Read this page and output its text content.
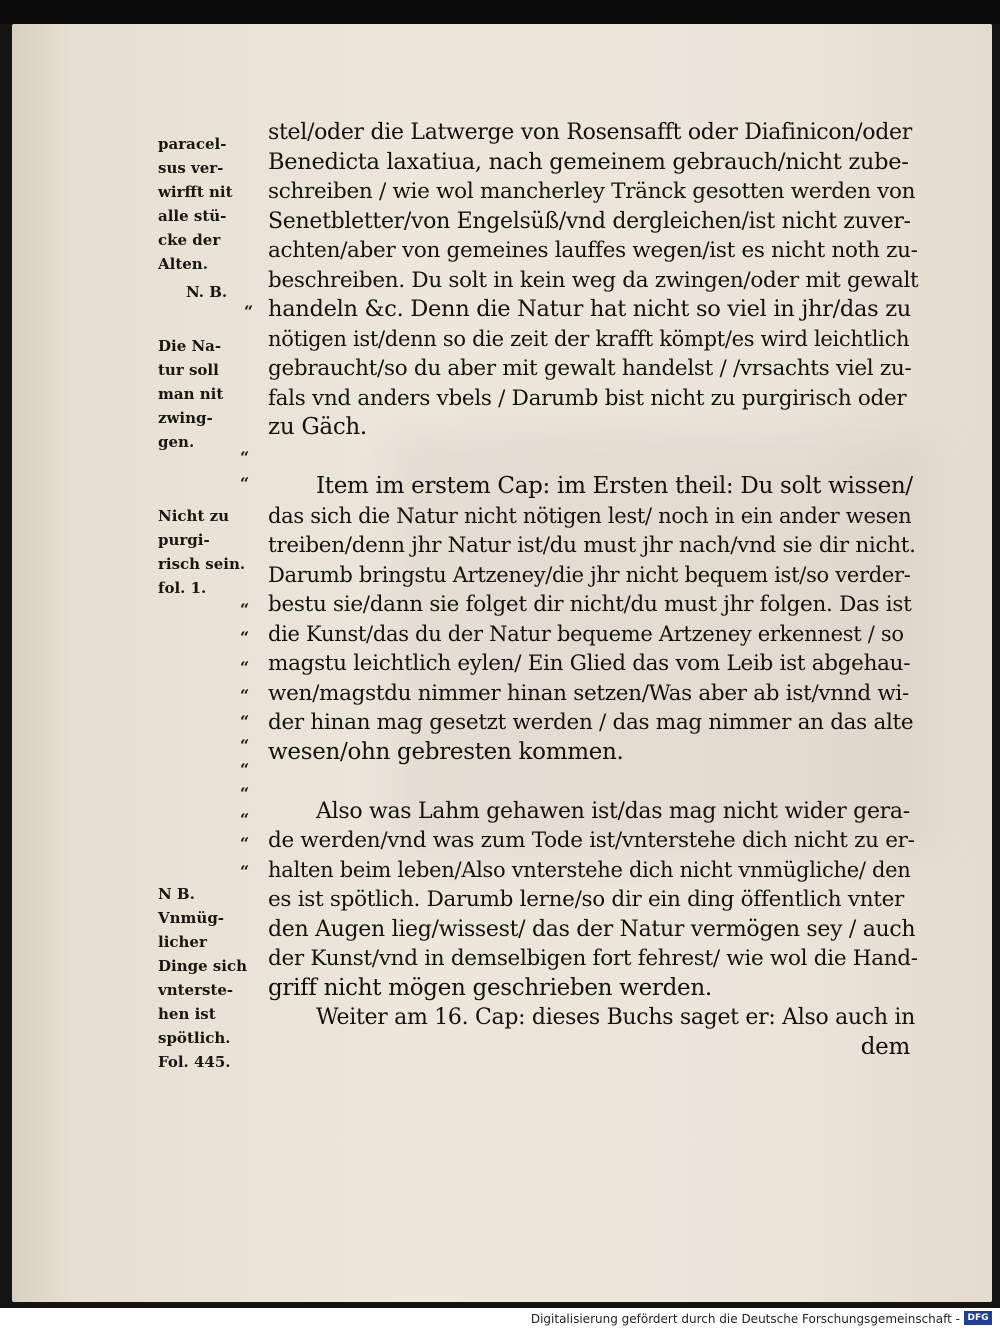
paracel-
sus ver-
wirfft nit
alle stü-
cke der
Alten.
N. B.
Die Na-
tur soll
man nit
zwing-
gen.
Nicht zu
purgi-
risch sein.
fol. 1.
N B.
Vnmüg-
licher
Dinge sich
vnterste-
hen ist
spötlich.
Fol. 445.
“
“
“
“
“
“
“
“
“
“
“
“
“
“
stel/oder die Latwerge von Rosensafft oder Diafinicon/oder
Benedicta laxatiua, nach gemeinem gebrauch/nicht zube-
schreiben / wie wol mancherley Tränck gesotten werden von
Senetbletter/von Engelsüß/vnd dergleichen/ist nicht zuver-
achten/aber von gemeines lauffes wegen/ist es nicht noth zu-
beschreiben. Du solt in kein weg da zwingen/oder mit gewalt
handeln &c. Denn die Natur hat nicht so viel in jhr/das zu
nötigen ist/denn so die zeit der krafft kömpt/es wird leichtlich
gebraucht/so du aber mit gewalt handelst / /vrsachts viel zu-
fals vnd anders vbels / Darumb bist nicht zu purgirisch oder
zu Gäch.
Item im erstem Cap: im Ersten theil: Du solt wissen/
das sich die Natur nicht nötigen lest/ noch in ein ander wesen
treiben/denn jhr Natur ist/du must jhr nach/vnd sie dir nicht.
Darumb bringstu Artzeney/die jhr nicht bequem ist/so verder-
bestu sie/dann sie folget dir nicht/du must jhr folgen. Das ist
die Kunst/das du der Natur bequeme Artzeney erkennest / so
magstu leichtlich eylen/ Ein Glied das vom Leib ist abgehau-
wen/magstdu nimmer hinan setzen/Was aber ab ist/vnnd wi-
der hinan mag gesetzt werden / das mag nimmer an das alte
wesen/ohn gebresten kommen.
Also was Lahm gehawen ist/das mag nicht wider gera-
de werden/vnd was zum Tode ist/vnterstehe dich nicht zu er-
halten beim leben/Also vnterstehe dich nicht vnmügliche/ den
es ist spötlich. Darumb lerne/so dir ein ding öffentlich vnter
den Augen lieg/wissest/ das der Natur vermögen sey / auch
der Kunst/vnd in demselbigen fort fehrest/ wie wol die Hand-
griff nicht mögen geschrieben werden.
Weiter am 16. Cap: dieses Buchs saget er: Also auch in
dem
Digitalisierung gefördert durch die Deutsche Forschungsgemeinschaft - DFG
